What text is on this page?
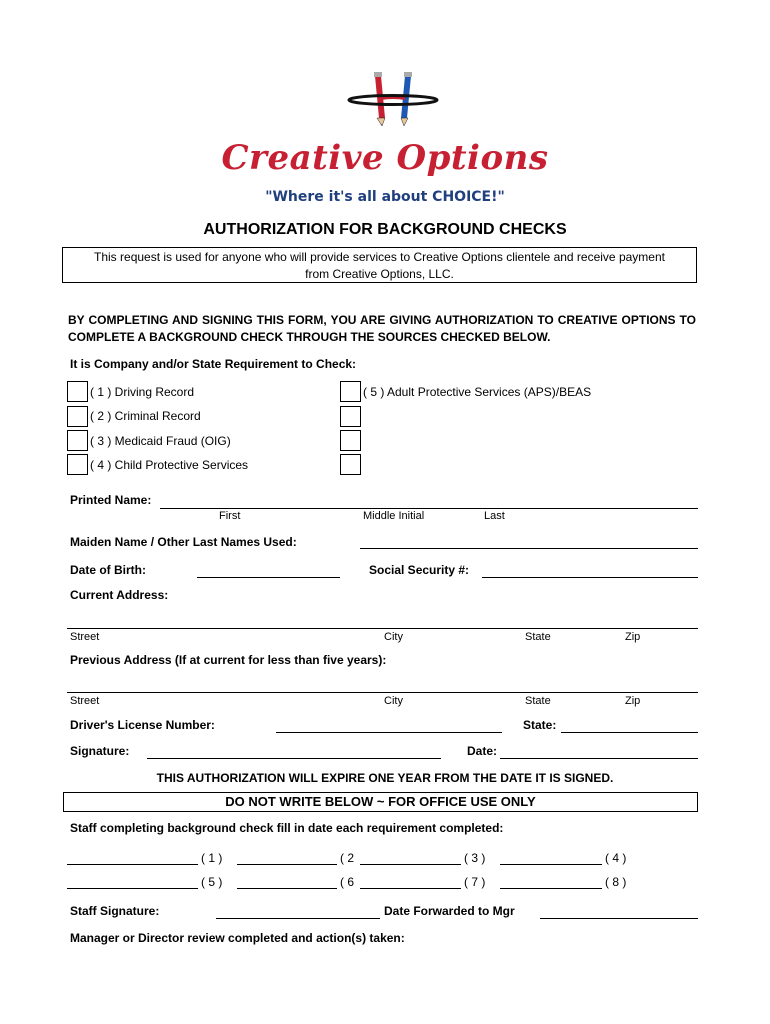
Creative Options
"Where it's all about CHOICE!"
AUTHORIZATION FOR BACKGROUND CHECKS
This request is used for anyone who will provide services to Creative Options clientele and receive payment
from Creative Options, LLC.
BY COMPLETING AND SIGNING THIS FORM, YOU ARE GIVING AUTHORIZATION TO CREATIVE OPTIONS TO COMPLETE A BACKGROUND CHECK THROUGH THE SOURCES CHECKED BELOW.
It is Company and/or State Requirement to Check:
( 1 ) Driving Record
( 2 ) Criminal Record
( 3 ) Medicaid Fraud (OIG)
( 4 ) Child Protective Services
( 5 ) Adult Protective Services (APS)/BEAS
Printed Name:
First	Middle Initial	Last
Maiden Name / Other Last Names Used:
Date of Birth:	Social Security #:
Current Address:
Street	City	State	Zip
Previous Address (If at current for less than five years):
Street	City	State	Zip
Driver's License Number:	State:
Signature:	Date:
THIS AUTHORIZATION WILL EXPIRE ONE YEAR FROM THE DATE IT IS SIGNED.
DO NOT WRITE BELOW ~ FOR OFFICE USE ONLY
Staff completing background check fill in date each requirement completed:
( 1 )	( 2	( 3 )	( 4 )
( 5 )	( 6	( 7 )	( 8 )
Staff Signature:	Date Forwarded to Mgr
Manager or Director review completed and action(s) taken:
